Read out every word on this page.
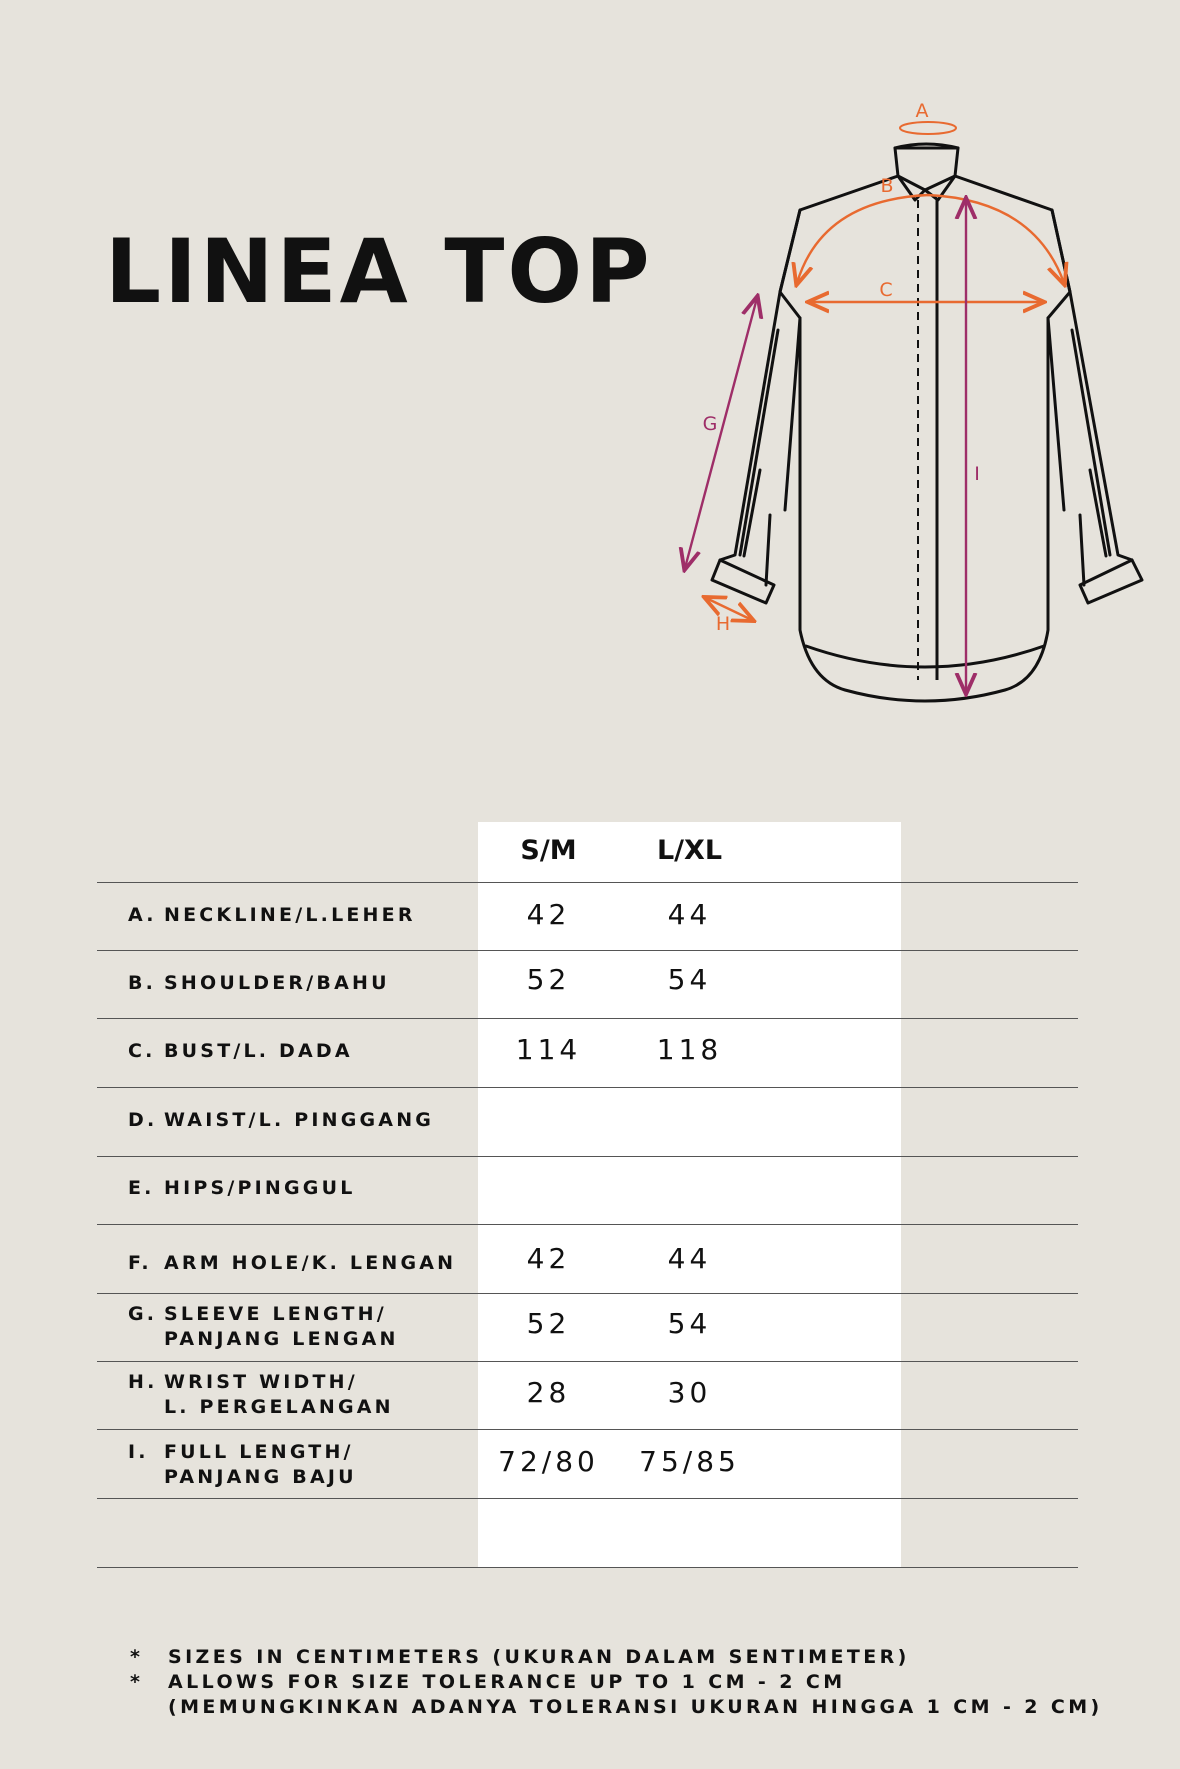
LINEA TOP
A
B
C
G
H
I
S/M	L/XL
A. NECKLINE/L.LEHER	42	44
B. SHOULDER/BAHU	52	54
C. BUST/L. DADA	114	118
D. WAIST/L. PINGGANG
E. HIPS/PINGGUL
F. ARM HOLE/K. LENGAN	42	44
G. SLEEVE LENGTH/
PANJANG LENGAN	52	54
H. WRIST WIDTH/
L. PERGELANGAN	28	30
I. FULL LENGTH/
PANJANG BAJU	72/80	75/85
* SIZES IN CENTIMETERS (UKURAN DALAM SENTIMETER)
* ALLOWS FOR SIZE TOLERANCE UP TO 1 CM - 2 CM
(MEMUNGKINKAN ADANYA TOLERANSI UKURAN HINGGA 1 CM - 2 CM)
